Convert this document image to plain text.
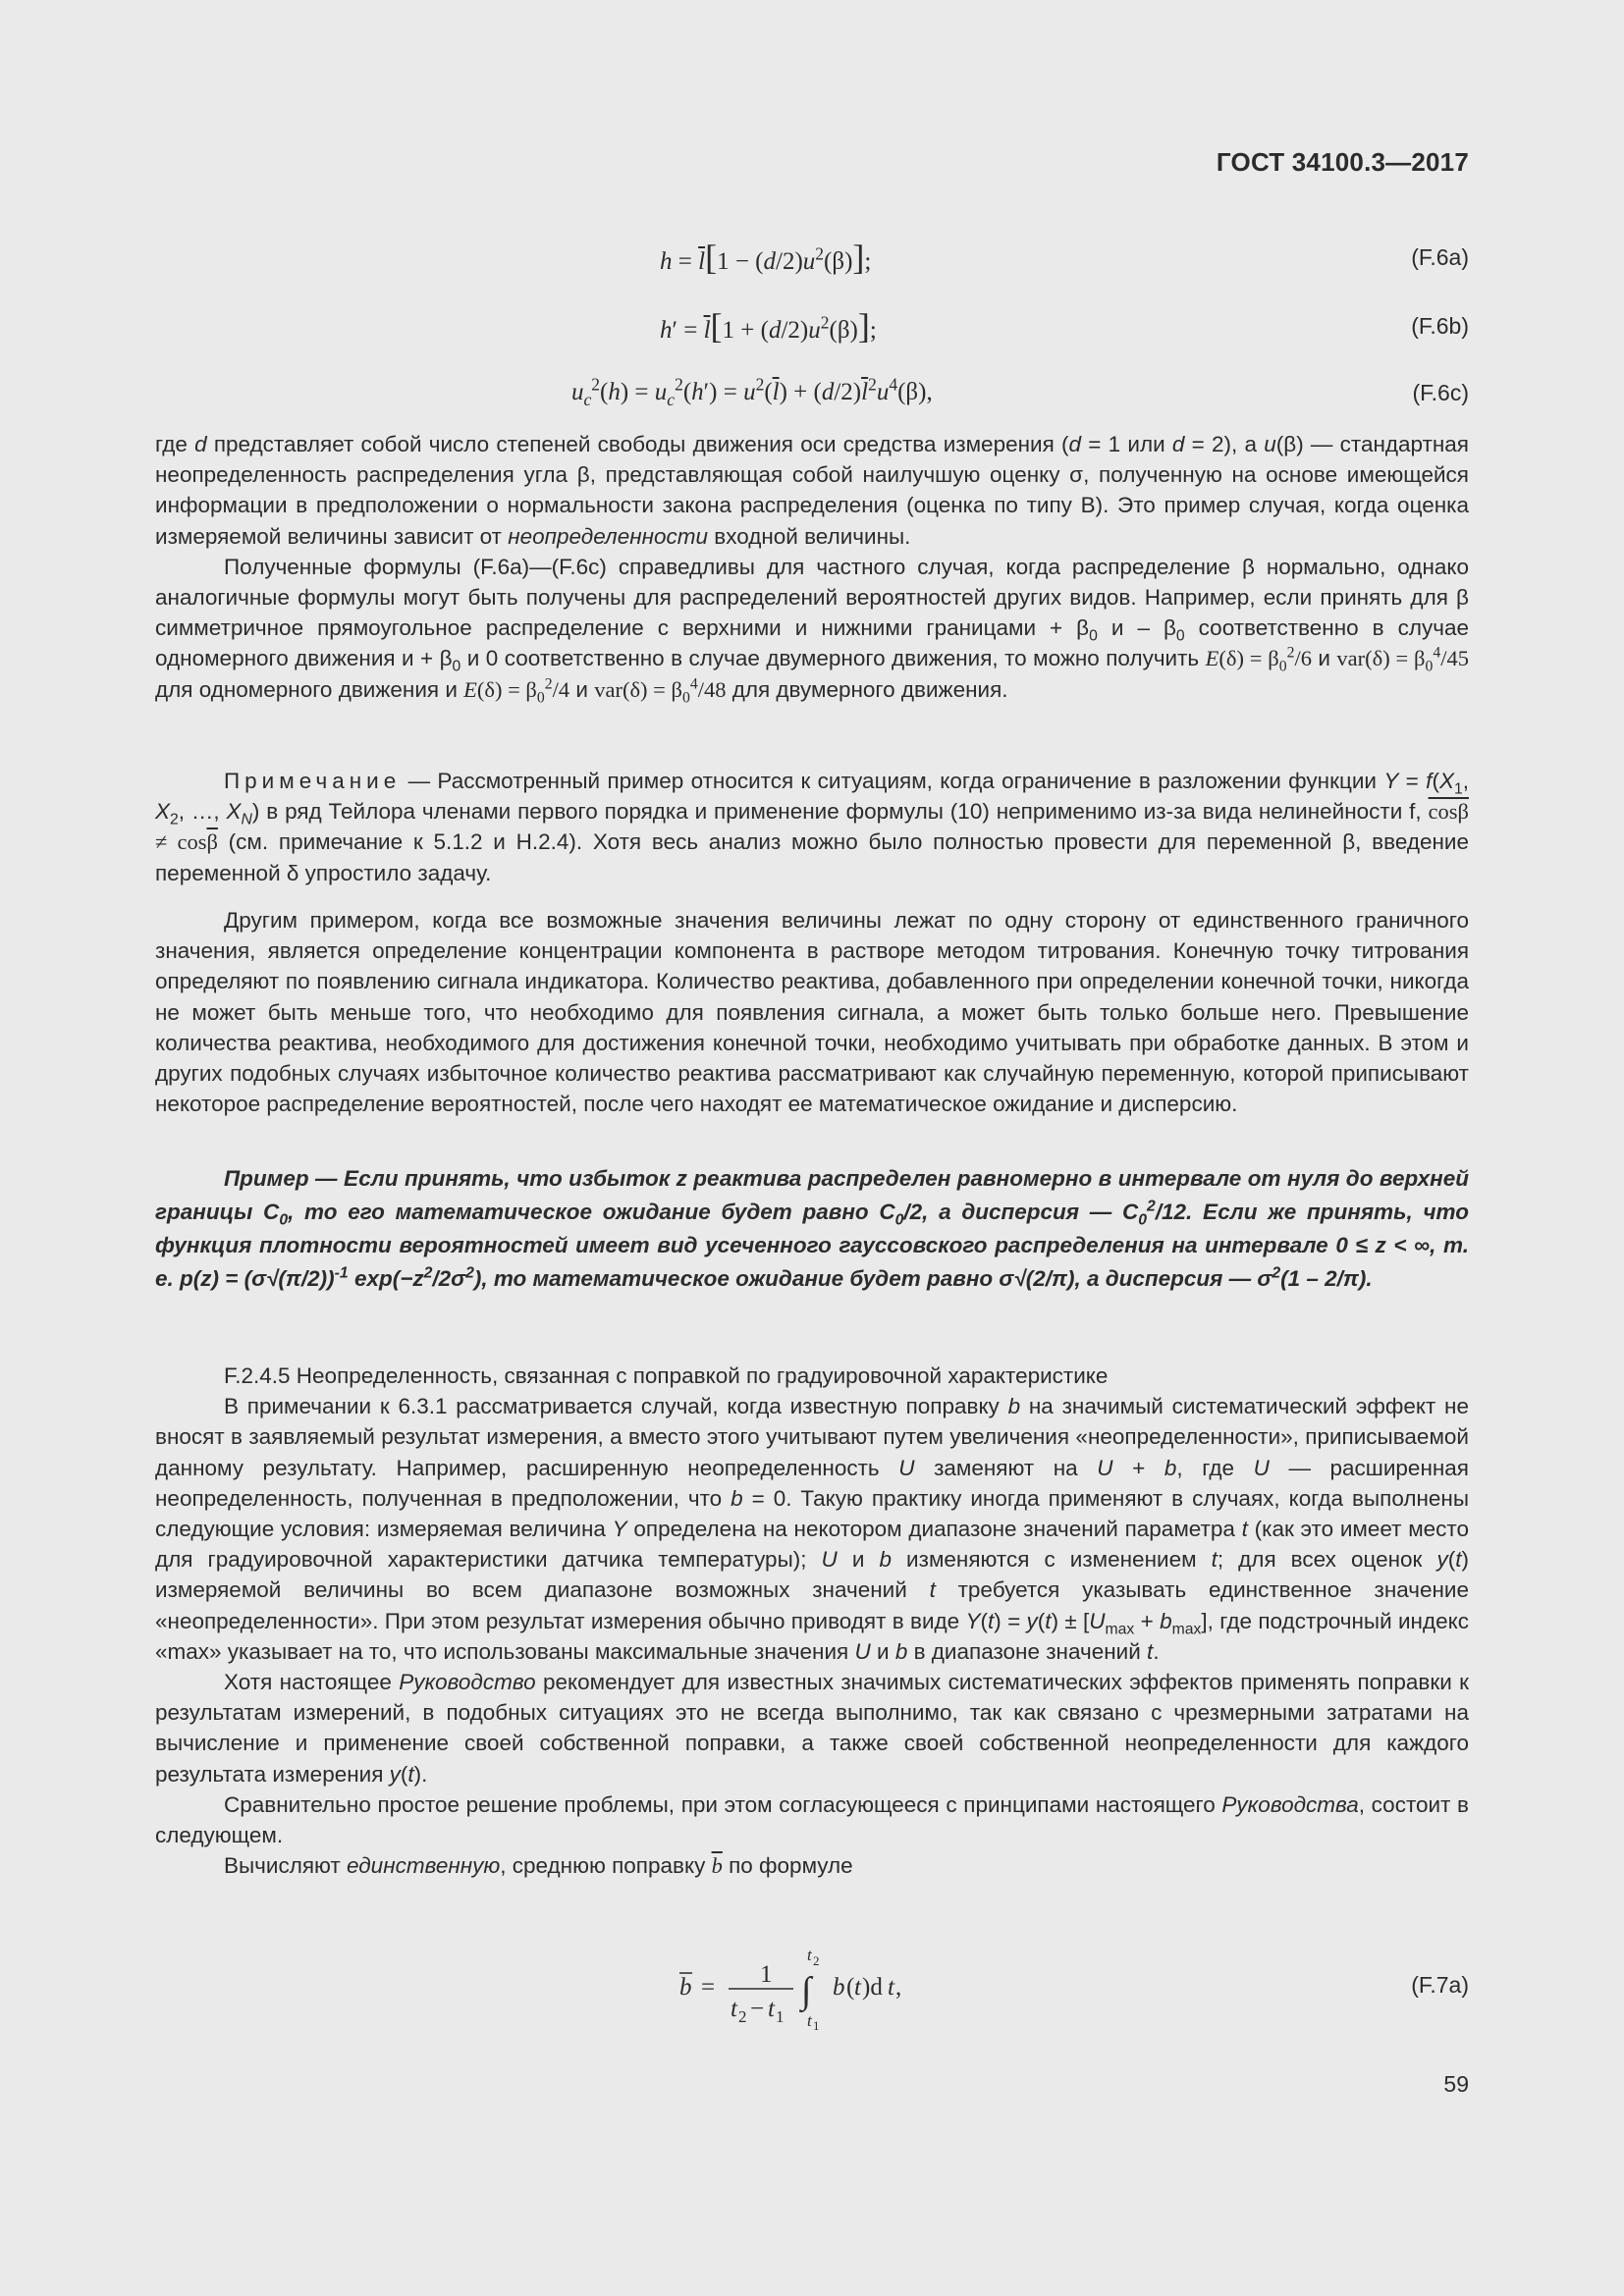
ГОСТ 34100.3—2017
$h = \overline{l}[1 - (d/2)u^2(\beta)]$;	(F.6a)
$h' = \overline{l}[1 + (d/2)u^2(\beta)]$;	(F.6b)
$u_c^2(h) = u_c^2(h') = u^2(\overline{l}) + (d/2)\overline{l}^2u^4(\beta)$,	(F.6c)

где d представляет собой число степеней свободы движения оси средства измерения (d = 1 или d = 2), а u(β) — стандартная неопределенность распределения угла β, представляющая собой наилучшую оценку σ, полученную на основе имеющейся информации в предположении о нормальности закона распределения (оценка по типу B). Это пример случая, когда оценка измеряемой величины зависит от неопределенности входной величины.

Полученные формулы (F.6a)—(F.6c) справедливы для частного случая, когда распределение β нормально, однако аналогичные формулы могут быть получены для распределений вероятностей других видов. Например, если принять для β симметричное прямоугольное распределение с верхними и нижними границами + $\beta_0$ и – $\beta_0$ соответственно в случае одномерного движения $и + \beta_0$ и 0 соответственно в случае двумерного движения, то можно получить $E(\delta) = \beta_0^2/6$ и $var(\delta) = \beta_0^4/45$ для одномерного движения и $E(\delta) = \beta_0^2/4$ и $var(\delta) = \beta_0^4/48$ для двумерного движения.

Примечание — Рассмотренный пример относится к ситуациям, когда ограничение в разложении функции $Y = f(X_1$, $X_2$, …, $X_N$) в ряд Тейлора членами первого порядка и применение формулы (10) неприменимо из-за вида нелинейности f, $\cos\beta \ne \cos\overline{\beta} (см$. примечание к 5.1.2 и H.2.4). Хотя весь анализ можно было полностью провести для переменной β, введение переменной δ упростило задачу.

Другим примером, когда все возможные значения величины лежат по одну сторону от единственного граничного значения, является определение концентрации компонента в растворе методом титрования. Конечную точку титрования определяют по появлению сигнала индикатора. Количество реактива, добавленного при определении конечной точки, никогда не может быть меньше того, что необходимо для появления сигнала, а может быть только больше него. Превышение количества реактива, необходимого для достижения конечной точки, необходимо учитывать при обработке данных. В этом и других подобных случаях избыточное количество реактива рассматривают как случайную переменную, которой приписывают некоторое распределение вероятностей, после чего находят ее математическое ожидание и дисперсию.

Пример — Если принять, что избыток z реактива распределен равномерно в интервале от нуля до верхней границы $C_0$, то его математическое ожидание будет равно $C_0/2$, а дисперсия — $C_0^2/12$. Если же принять, что функция плотности вероятностей имеет вид усеченного гауссовского распределения на интервале 0 ≤ z < ∞, т. е. $p(z) = (\sigma√(\pi/2))^{-1}$ $\exp(-z^2/2\sigma^2)$, то математическое ожидание будет равно σ√(2/π), а дисперсия — $\sigma^2(1 - 2/\pi)$.

F.2.4.5 Неопределенность, связанная с поправкой по градуировочной характеристике

В примечании к 6.3.1 рассматривается случай, когда известную поправку b на значимый систематический эффект не вносят в заявляемый результат измерения, а вместо этого учитывают путем увеличения «неопределенности», приписываемой данному результату. Например, расширенную неопределенность U заменяют на U + b, где U — расширенная неопределенность, полученная в предположении, что b = 0. Такую практику иногда применяют в случаях, когда выполнены следующие условия: измеряемая величина Y определена на некотором диапазоне значений параметра t (как это имеет место для градуировочной характеристики датчика температуры); U и b изменяются с изменением t; для всех оценок y(t) измеряемой величины во всем диапазоне возможных значений t требуется указывать единственное значение «неопределенности». При этом результат измерения обычно приводят в виде $Y(t) = y(t) \pm [U_{max} + b_{max}]$, где подстрочный индекс «max» указывает на то, что использованы максимальные значения U и b в диапазоне значений t.

Хотя настоящее Руководство рекомендует для известных значимых систематических эффектов применять поправки к результатам измерений, в подобных ситуациях это не всегда выполнимо, так как связано с чрезмерными затратами на вычисление и применение своей собственной поправки, а также своей собственной неопределенности для каждого результата измерения y(t).

Сравнительно простое решение проблемы, при этом согласующееся с принципами настоящего Руководства, состоит в следующем.

Вычисляют единственную, среднюю поправку $\overline{b}$ по формуле

b = 1
t 2 − t 1
∫
t 2
t 1
b ( t )d t ,	(F.7a)
59
